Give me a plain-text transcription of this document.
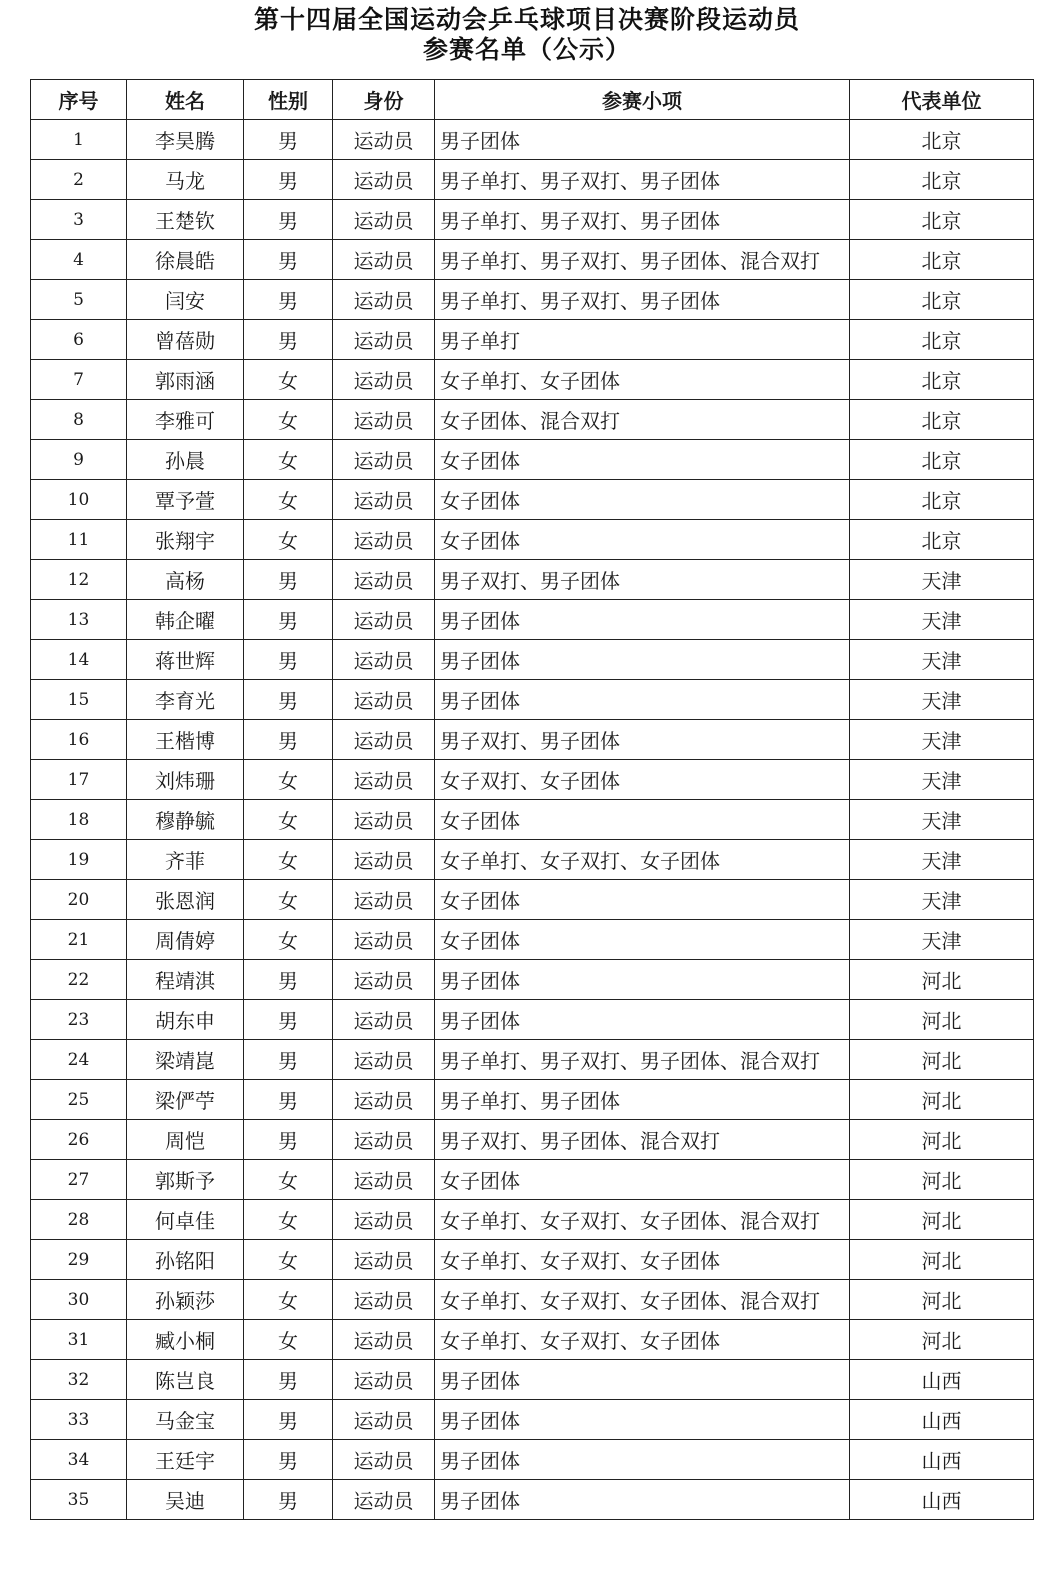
第十四届全国运动会乒乓球项目决赛阶段运动员
参赛名单（公示）
序号	姓名	性别	身份	参赛小项	代表单位
1	李昊腾	男	运动员	男子团体	北京
2	马龙	男	运动员	男子单打、男子双打、男子团体	北京
3	王楚钦	男	运动员	男子单打、男子双打、男子团体	北京
4	徐晨皓	男	运动员	男子单打、男子双打、男子团体、混合双打	北京
5	闫安	男	运动员	男子单打、男子双打、男子团体	北京
6	曾蓓勋	男	运动员	男子单打	北京
7	郭雨涵	女	运动员	女子单打、女子团体	北京
8	李雅可	女	运动员	女子团体、混合双打	北京
9	孙晨	女	运动员	女子团体	北京
10	覃予萱	女	运动员	女子团体	北京
11	张翔宇	女	运动员	女子团体	北京
12	高杨	男	运动员	男子双打、男子团体	天津
13	韩企曜	男	运动员	男子团体	天津
14	蒋世辉	男	运动员	男子团体	天津
15	李育光	男	运动员	男子团体	天津
16	王楷博	男	运动员	男子双打、男子团体	天津
17	刘炜珊	女	运动员	女子双打、女子团体	天津
18	穆静毓	女	运动员	女子团体	天津
19	齐菲	女	运动员	女子单打、女子双打、女子团体	天津
20	张恩润	女	运动员	女子团体	天津
21	周倩婷	女	运动员	女子团体	天津
22	程靖淇	男	运动员	男子团体	河北
23	胡东申	男	运动员	男子团体	河北
24	梁靖崑	男	运动员	男子单打、男子双打、男子团体、混合双打	河北
25	梁俨苧	男	运动员	男子单打、男子团体	河北
26	周恺	男	运动员	男子双打、男子团体、混合双打	河北
27	郭斯予	女	运动员	女子团体	河北
28	何卓佳	女	运动员	女子单打、女子双打、女子团体、混合双打	河北
29	孙铭阳	女	运动员	女子单打、女子双打、女子团体	河北
30	孙颖莎	女	运动员	女子单打、女子双打、女子团体、混合双打	河北
31	臧小桐	女	运动员	女子单打、女子双打、女子团体	河北
32	陈岂良	男	运动员	男子团体	山西
33	马金宝	男	运动员	男子团体	山西
34	王廷宇	男	运动员	男子团体	山西
35	吴迪	男	运动员	男子团体	山西
